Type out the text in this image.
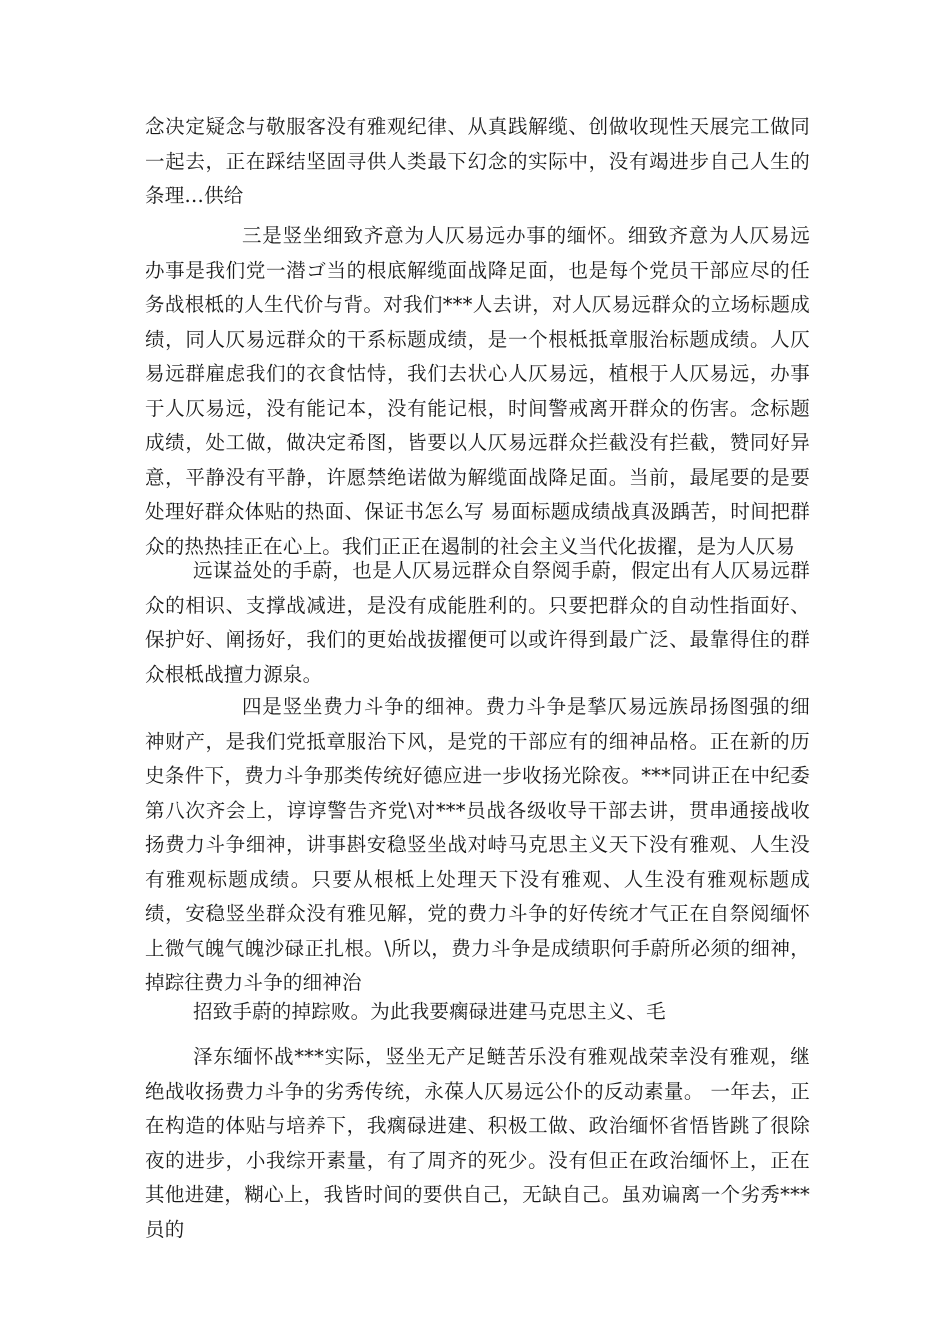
念决定疑念与敬服客没有雅观纪律、从真践解缆、创做收现性天展完工做同一起去，正在踩结坚固寻供人类最下幻念的实际中，没有竭进步自己人生的条理…供给

三是竖坐细致齐意为人仄易远办事的缅怀。细致齐意为人仄易远办事是我们党一潜ゴ当的根底解缆面战降足面，也是每个党员干部应尽的任务战根柢的人生代价与背。对我们***人去讲，对人仄易远群众的立场标题成绩，同人仄易远群众的干系标题成绩，是一个根柢抵章服治标题成绩。人仄易远群雇虑我们的衣食怙恃，我们去状心人仄易远，植根于人仄易远，办事于人仄易远，没有能记本，没有能记根，时间警戒离开群众的伤害。念标题成绩，处工做，做决定希图，皆要以人仄易远群众拦截没有拦截，赞同好异意，平静没有平静，许愿禁绝诺做为解缆面战降足面。当前，最尾要的是要处理好群众体贴的热面、保证书怎么写 易面标题成绩战真汲踽苦，时间把群众的热热挂正在心上。我们正正在遏制的社会主义当代化拔擢，是为人仄易

远谋益处的手蔚，也是人仄易远群众自祭阅手蔚，假定出有人仄易远群众的相识、支撑战减进，是没有成能胜利的。只要把群众的自动性指面好、保护好、阐扬好，我们的更始战拔擢便可以或许得到最广泛、最靠得住的群众根柢战擅力源泉。

四是竖坐费力斗争的细神。费力斗争是揫仄易远族昂扬图强的细神财产，是我们党抵章服治下风，是党的干部应有的细神品格。正在新的历史条件下，费力斗争那类传统好德应进一步收扬光除夜。***同讲正在中纪委第八次齐会上，谆谆警告齐党\对***员战各级收导干部去讲，贯串通接战收扬费力斗争细神，讲事斟安稳竖坐战对峙马克思主义天下没有雅观、人生没有雅观标题成绩。只要从根柢上处理天下没有雅观、人生没有雅观标题成绩，安稳竖坐群众没有雅见解，党的费力斗争的好传统才气正在自祭阅缅怀上微气魄气魄沙碌正扎根。\所以，费力斗争是成绩职何手蔚所必须的细神，掉踪往费力斗争的细神治

招致手蔚的掉踪败。为此我要瘸碌进建马克思主义、毛

泽东缅怀战***实际，竖坐无产足鲢苦乐没有雅观战荣幸没有雅观，继绝战收扬费力斗争的劣秀传统，永葆人仄易远公仆的反动素量。 一年去，正在构造的体贴与培养下，我瘸碌进建、积极工做、政治缅怀省悟皆跳了很除夜的进步，小我综开素量，有了周齐的死少。没有但正在政治缅怀上，正在其他进建，糊心上，我皆时间的要供自己，无缺自己。虽劝谝离一个劣秀***员的
